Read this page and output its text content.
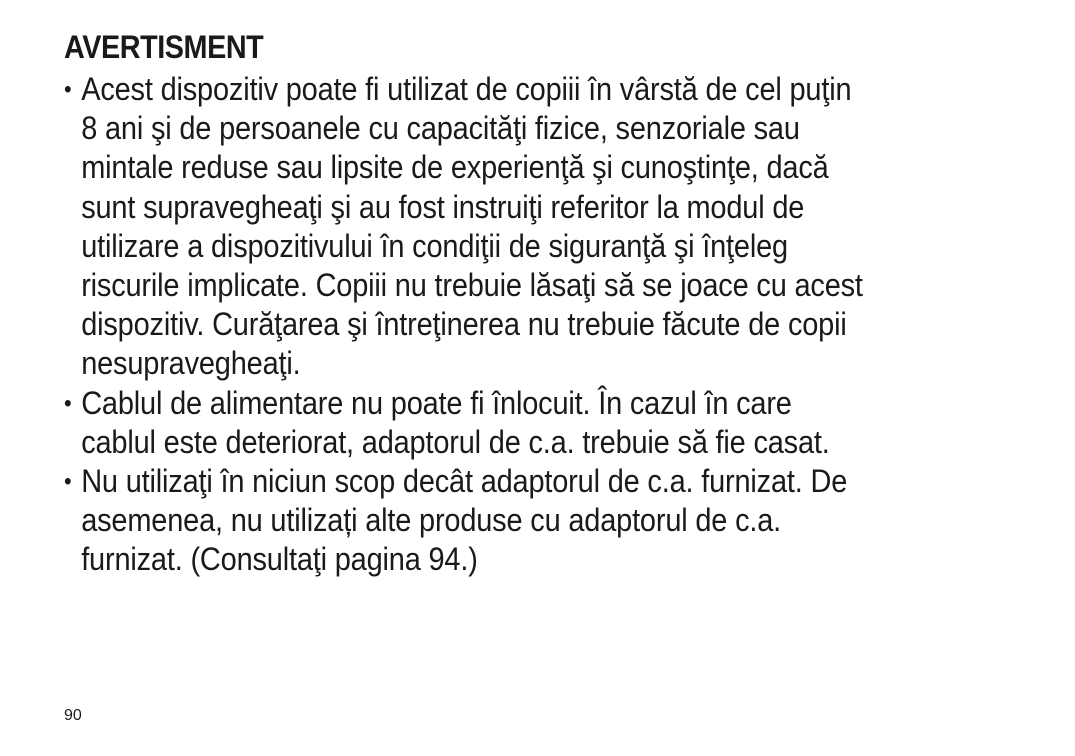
AVERTISMENT
• Acest dispozitiv poate fi utilizat de copiii în vârstă de cel puţin
8 ani şi de persoanele cu capacităţi fizice, senzoriale sau
mintale reduse sau lipsite de experienţă şi cunoştinţe, dacă
sunt supravegheaţi şi au fost instruiţi referitor la modul de
utilizare a dispozitivului în condiţii de siguranţă şi înţeleg
riscurile implicate. Copiii nu trebuie lăsaţi să se joace cu acest
dispozitiv. Curăţarea şi întreţinerea nu trebuie făcute de copii
nesupravegheaţi.
• Cablul de alimentare nu poate fi înlocuit. În cazul în care
cablul este deteriorat, adaptorul de c.a. trebuie să fie casat.
• Nu utilizaţi în niciun scop decât adaptorul de c.a. furnizat. De
asemenea, nu utilizați alte produse cu adaptorul de c.a.
furnizat. (Consultaţi pagina 94.)
90
